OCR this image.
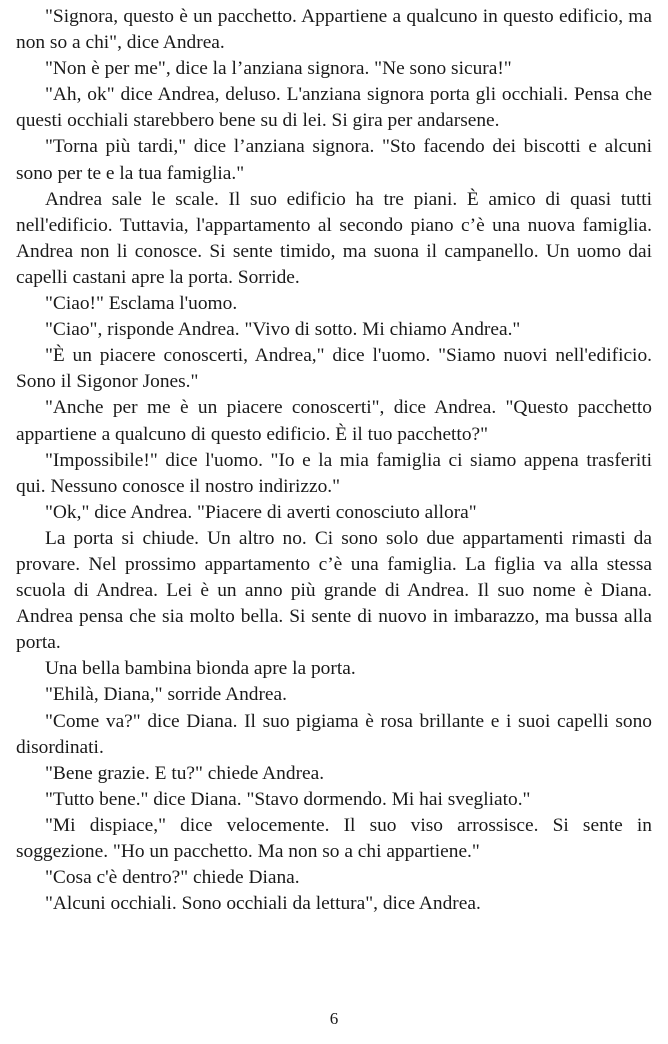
"Signora, questo è un pacchetto. Appartiene a qualcuno in questo edificio, ma non so a chi", dice Andrea.

"Non è per me", dice la l’anziana signora. "Ne sono sicura!"

"Ah, ok" dice Andrea, deluso. L'anziana signora porta gli occhiali. Pensa che questi occhiali starebbero bene su di lei. Si gira per andarsene.

"Torna più tardi," dice l’anziana signora. "Sto facendo dei biscotti e alcuni sono per te e la tua famiglia."

Andrea sale le scale. Il suo edificio ha tre piani. È amico di quasi tutti nell'edificio. Tuttavia, l'appartamento al secondo piano c’è una nuova famiglia. Andrea non li conosce. Si sente timido, ma suona il campanello. Un uomo dai capelli castani apre la porta. Sorride.

"Ciao!" Esclama l'uomo.

"Ciao", risponde Andrea. "Vivo di sotto. Mi chiamo Andrea."

"È un piacere conoscerti, Andrea," dice l'uomo. "Siamo nuovi nell'edificio. Sono il Sigonor Jones."

"Anche per me è un piacere conoscerti", dice Andrea. "Questo pacchetto appartiene a qualcuno di questo edificio. È il tuo pacchetto?"

"Impossibile!" dice l'uomo. "Io e la mia famiglia ci siamo appena trasferiti qui. Nessuno conosce il nostro indirizzo."

"Ok," dice Andrea. "Piacere di averti conosciuto allora"

La porta si chiude. Un altro no. Ci sono solo due appartamenti rimasti da provare. Nel prossimo appartamento c’è una famiglia. La figlia va alla stessa scuola di Andrea. Lei è un anno più grande di Andrea. Il suo nome è Diana. Andrea pensa che sia molto bella. Si sente di nuovo in imbarazzo, ma bussa alla porta.

Una bella bambina bionda apre la porta.

"Ehilà, Diana," sorride Andrea.

"Come va?" dice Diana. Il suo pigiama è rosa brillante e i suoi capelli sono disordinati.

"Bene grazie. E tu?" chiede Andrea.

"Tutto bene." dice Diana. "Stavo dormendo. Mi hai svegliato."

"Mi dispiace," dice velocemente. Il suo viso arrossisce. Si sente in soggezione. "Ho un pacchetto. Ma non so a chi appartiene."

"Cosa c'è dentro?" chiede Diana.

"Alcuni occhiali. Sono occhiali da lettura", dice Andrea.

6
